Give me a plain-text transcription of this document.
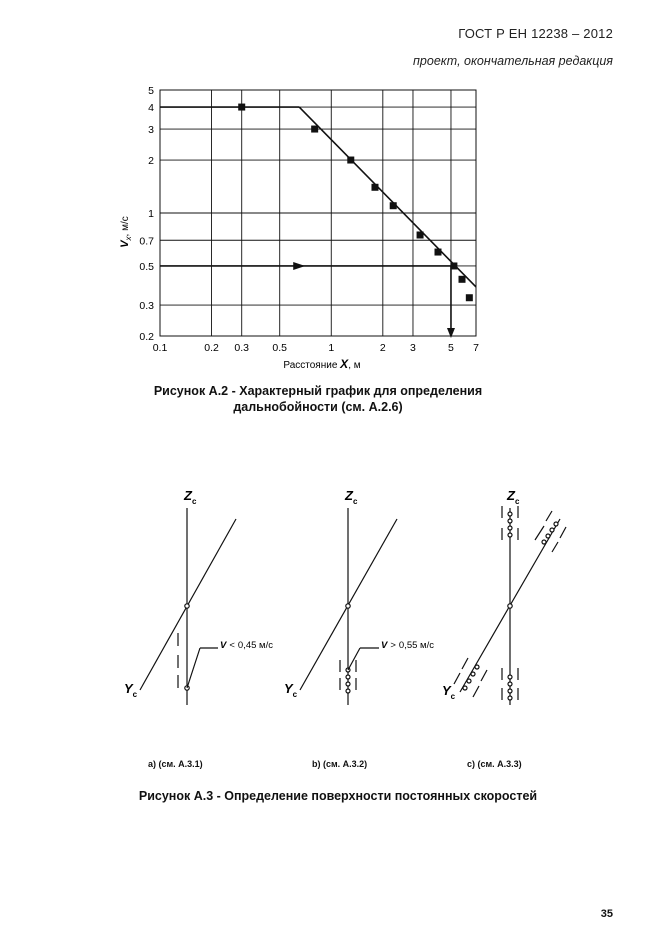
ГОСТ Р ЕН 12238 – 2012
проект, окончательная редакция
0.1	0.2 0.3 0.5	1	2 3	5 7
5
4
3
2
1
0.7
0.5
0.3
0.2
$V_x$, м/с
Расстояние X, м
$Z_c$
$Y_c$
V < 0,45 м/с
$Z_c$
$Y_c$
V > 0,55 м/с
$Z_c$
$Y_c$
Рисунок А.2 - Характерный график для определения
дальнобойности (см. А.2.6)
a) (см. А.3.1)	b) (см. А.3.2)	c) (см. А.3.3)
Рисунок А.3 - Определение поверхности постоянных скоростей
35
